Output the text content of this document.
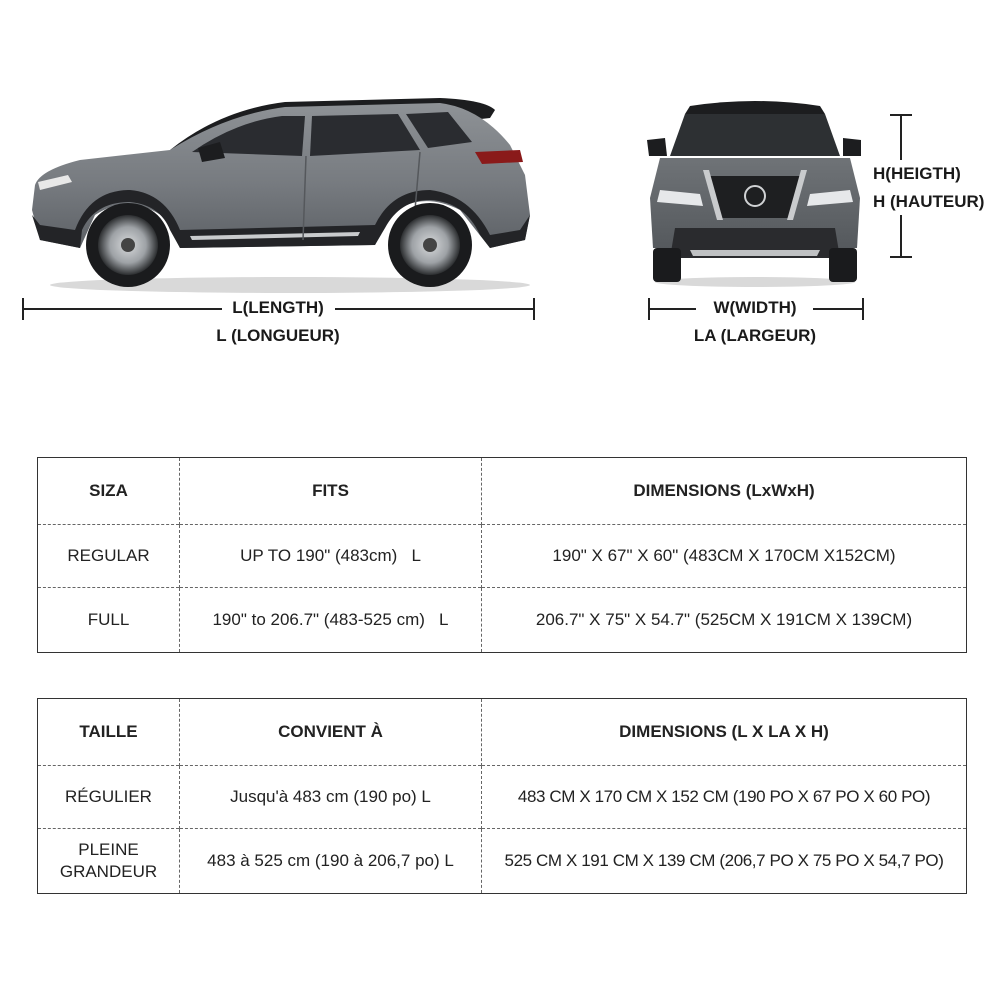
L(LENGTH)
L (LONGUEUR)
W(WIDTH)
LA (LARGEUR)
H(HEIGTH)
H (HAUTEUR)
SIZA	FITS	DIMENSIONS (LxWxH)
REGULAR	UP TO 190" (483cm)   L	190" X 67" X 60" (483CM X 170CM X152CM)
FULL	190" to 206.7" (483-525 cm)   L	206.7" X 75" X 54.7" (525CM X 191CM X 139CM)
TAILLE	CONVIENT À	DIMENSIONS (L X LA X H)
RÉGULIER	Jusqu'à 483 cm (190 po) L	483 CM X 170 CM X 152 CM (190 PO X 67 PO X 60 PO)

PLEINE
GRANDEUR	483 à 525 cm (190 à 206,7 po) L	525 CM X 191 CM X 139 CM (206,7 PO X 75 PO X 54,7 PO)
